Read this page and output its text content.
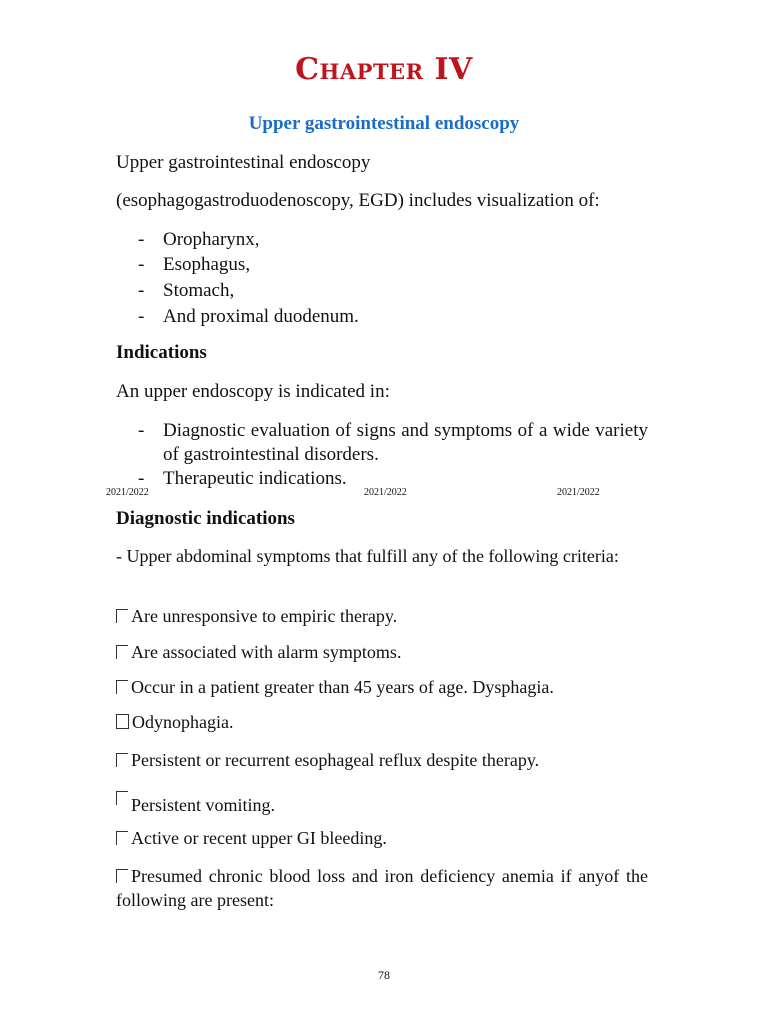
Chapter IV
Upper gastrointestinal endoscopy
Upper gastrointestinal endoscopy
(esophagogastroduodenoscopy, EGD) includes visualization of:
- Oropharynx,
- Esophagus,
- Stomach,
- And proximal duodenum.
Indications
An upper endoscopy is indicated in:
- Diagnostic evaluation of signs and symptoms of a wide variety of gastrointestinal disorders.
- Therapeutic indications.
2021/2022	2021/2022	2021/2022
Diagnostic indications
- Upper abdominal symptoms that fulfill any of the following criteria:
Are unresponsive to empiric therapy.
Are associated with alarm symptoms.
Occur in a patient greater than 45 years of age. Dysphagia.
Odynophagia.
Persistent or recurrent esophageal reflux despite therapy.
Persistent vomiting.
Active or recent upper GI bleeding.
Presumed chronic blood loss and iron deficiency anemia if anyof the following are present:
78
